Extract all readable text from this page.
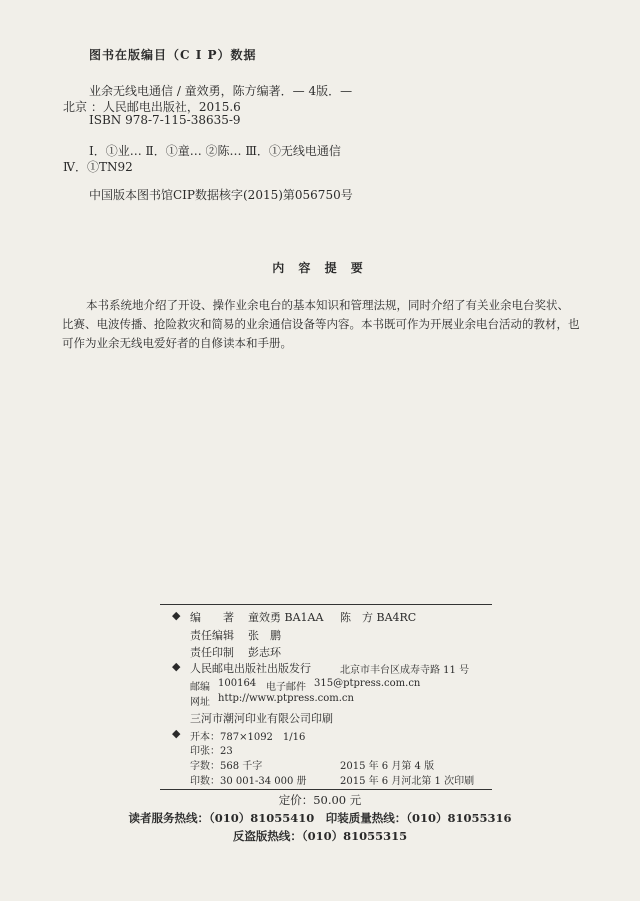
图书在版编目（C I P）数据
业余无线电通信 / 童效勇，陈方编著．— 4版．—
北京 ：人民邮电出版社，2015.6
ISBN 978-7-115-38635-9
Ⅰ．①业… Ⅱ．①童… ②陈… Ⅲ．①无线电通信
Ⅳ．①TN92
中国版本图书馆CIP数据核字(2015)第056750号
内 容 提 要
本书系统地介绍了开设、操作业余电台的基本知识和管理法规，同时介绍了有关业余电台奖状、比赛、电波传播、抢险救灾和简易的业余通信设备等内容。本书既可作为开展业余电台活动的教材，也可作为业余无线电爱好者的自修读本和手册。
◆ 编　　著 童效勇 BA1AA 陈　方 BA4RC
责任编辑 张　鹏
责任印制 彭志环
◆ 人民邮电出版社出版发行	北京市丰台区成寿寺路 11 号
邮编 100164 电子邮件 315@ptpress.com.cn
网址 http://www.ptpress.com.cn
三河市潮河印业有限公司印刷
◆ 开本：787×1092　1/16
印张：23
字数：568 千字	2015 年 6 月第 4 版
印数：30 001-34 000 册	2015 年 6 月河北第 1 次印刷
定价：50.00 元
读者服务热线：（010）81055410　印装质量热线：（010）81055316
反盗版热线：（010）81055315
